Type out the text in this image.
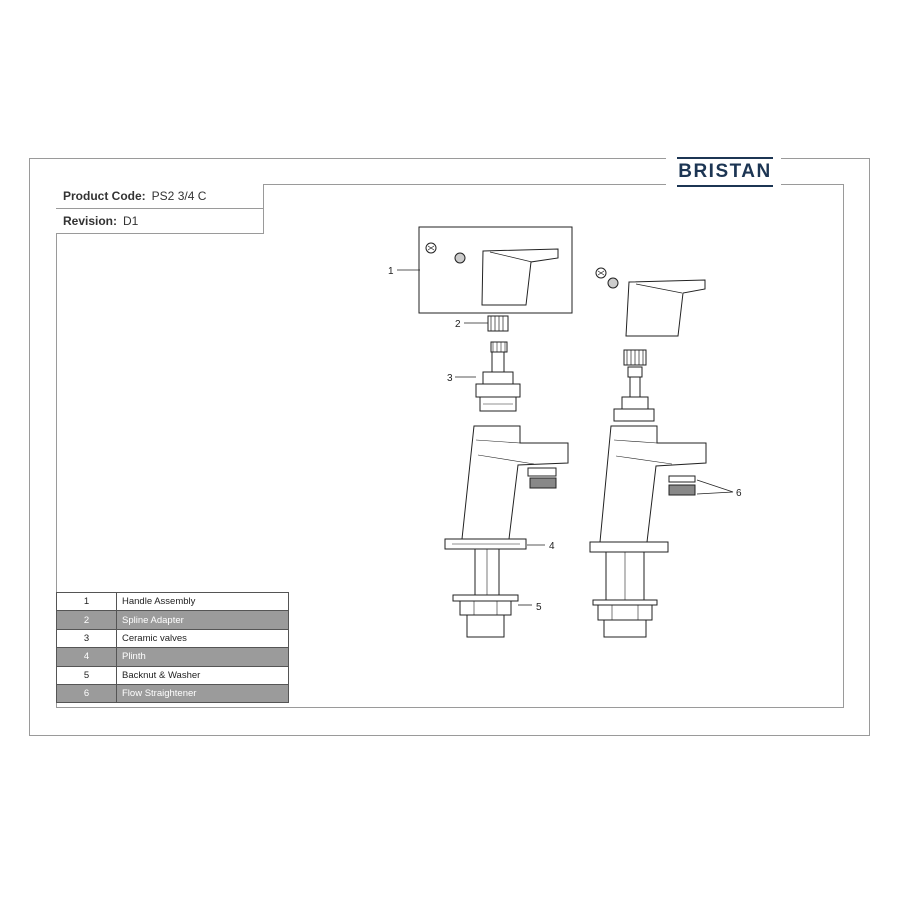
BRISTAN
Product Code: PS2 3/4 C
Revision: D1
1
2
3
4
5
6
1	Handle Assembly
2	Spline Adapter
3	Ceramic valves
4	Plinth
5	Backnut & Washer
6	Flow Straightener
